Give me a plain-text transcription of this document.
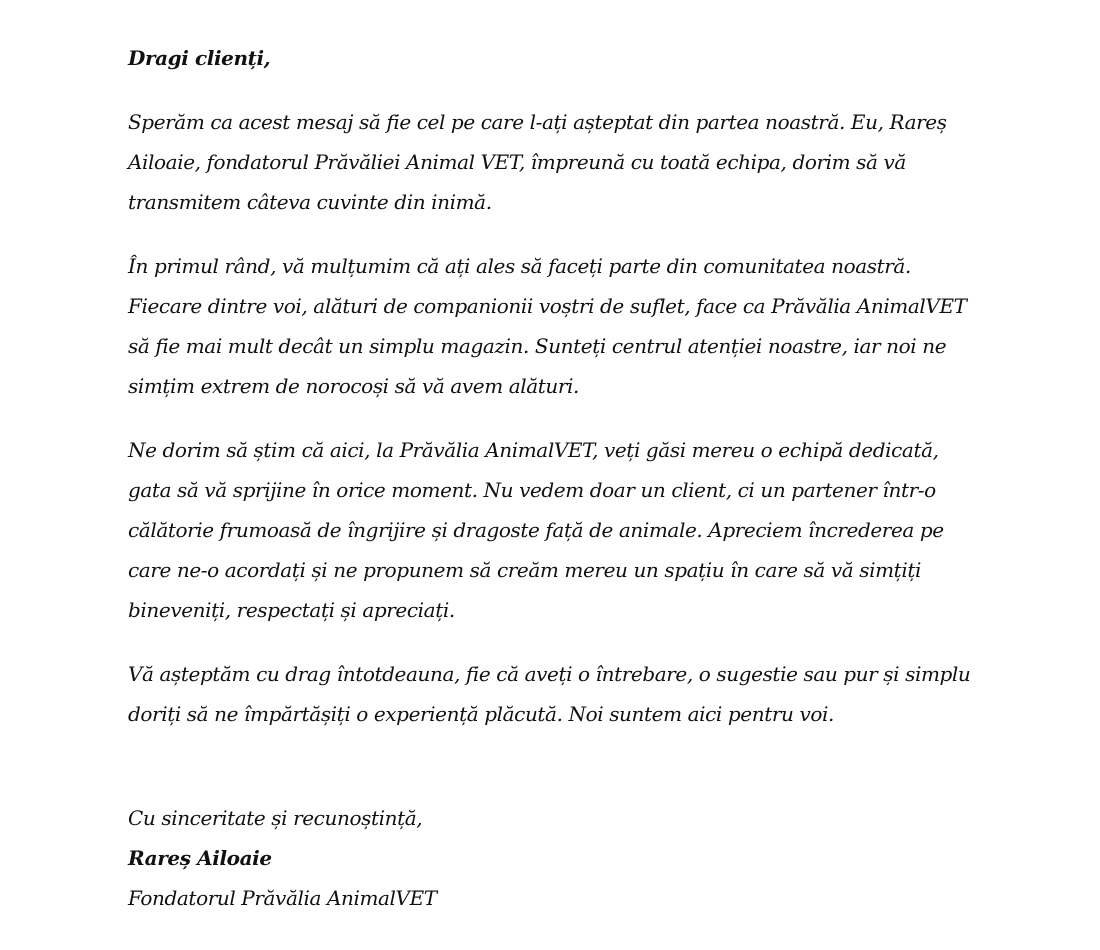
Dragi clienți,

Sperăm ca acest mesaj să fie cel pe care l-ați așteptat din partea noastră. Eu, Rareș Ailoaie, fondatorul Prăvăliei Animal VET, împreună cu toată echipa, dorim să vă transmitem câteva cuvinte din inimă.

În primul rând, vă mulțumim că ați ales să faceți parte din comunitatea noastră. Fiecare dintre voi, alături de companionii voștri de suflet, face ca Prăvălia AnimalVET să fie mai mult decât un simplu magazin. Sunteți centrul atenției noastre, iar noi ne simțim extrem de norocoși să vă avem alături.

Ne dorim să știm că aici, la Prăvălia AnimalVET, veți găsi mereu o echipă dedicată, gata să vă sprijine în orice moment. Nu vedem doar un client, ci un partener într-o călătorie frumoasă de îngrijire și dragoste față de animale. Apreciem încrederea pe care ne-o acordați și ne propunem să creăm mereu un spațiu în care să vă simțiți bineveniți, respectați și apreciați.

Vă așteptăm cu drag întotdeauna, fie că aveți o întrebare, o sugestie sau pur și simplu doriți să ne împărtășiți o experiență plăcută. Noi suntem aici pentru voi.

Cu sinceritate și recunoștință,

Rareș Ailoaie

Fondatorul Prăvălia AnimalVET
